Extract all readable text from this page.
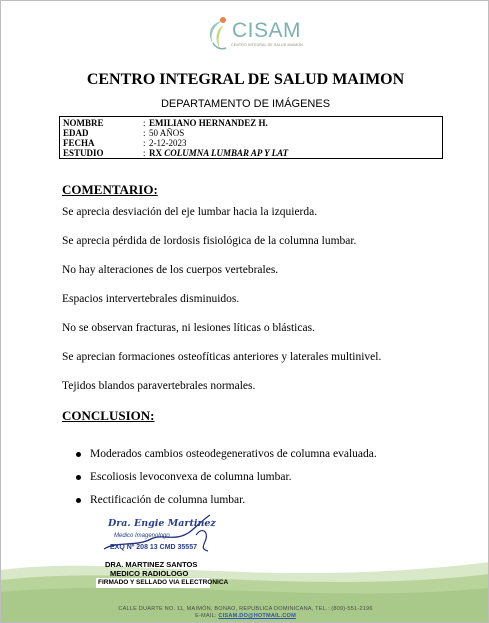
CISAM
CENTRO INTEGRAL DE SALUD MAIMON
CENTRO INTEGRAL DE SALUD MAIMON
DEPARTAMENTO DE IMÁGENES
NOMBRE	: EMILIANO HERNANDEZ H.
EDAD	: 50 AÑOS
FECHA	: 2-12-2023
ESTUDIO	: RX COLUMNA LUMBAR AP Y LAT
COMENTARIO:
Se aprecia desviación del eje lumbar hacia la izquierda.
Se aprecia pérdida de lordosis fisiológica de la columna lumbar.
No hay alteraciones de los cuerpos vertebrales.
Espacios intervertebrales disminuidos.
No se observan fracturas, ni lesiones líticas o blásticas.
Se aprecian formaciones osteofíticas anteriores y laterales multinivel.
Tejidos blandos paravertebrales normales.
CONCLUSION:
Moderados cambios osteodegenerativos de columna evaluada.
Escoliosis levoconvexa de columna lumbar.
Rectificación de columna lumbar.
Dra. Engie Martinez
Medico Imagenologo
EXQ Nº 208 13 CMD 35557
DRA. MARTINEZ SANTOS
MEDICO RADIOLOGO
FIRMADO Y SELLADO VIA ELECTRONICA
CALLE DUARTE NO. 11, MAIMÓN, BONAO, REPUBLICA DOMINICANA, TEL.: (809)-551-2196
E-MAIL: CISAM.DO@HOTMAIL.COM
